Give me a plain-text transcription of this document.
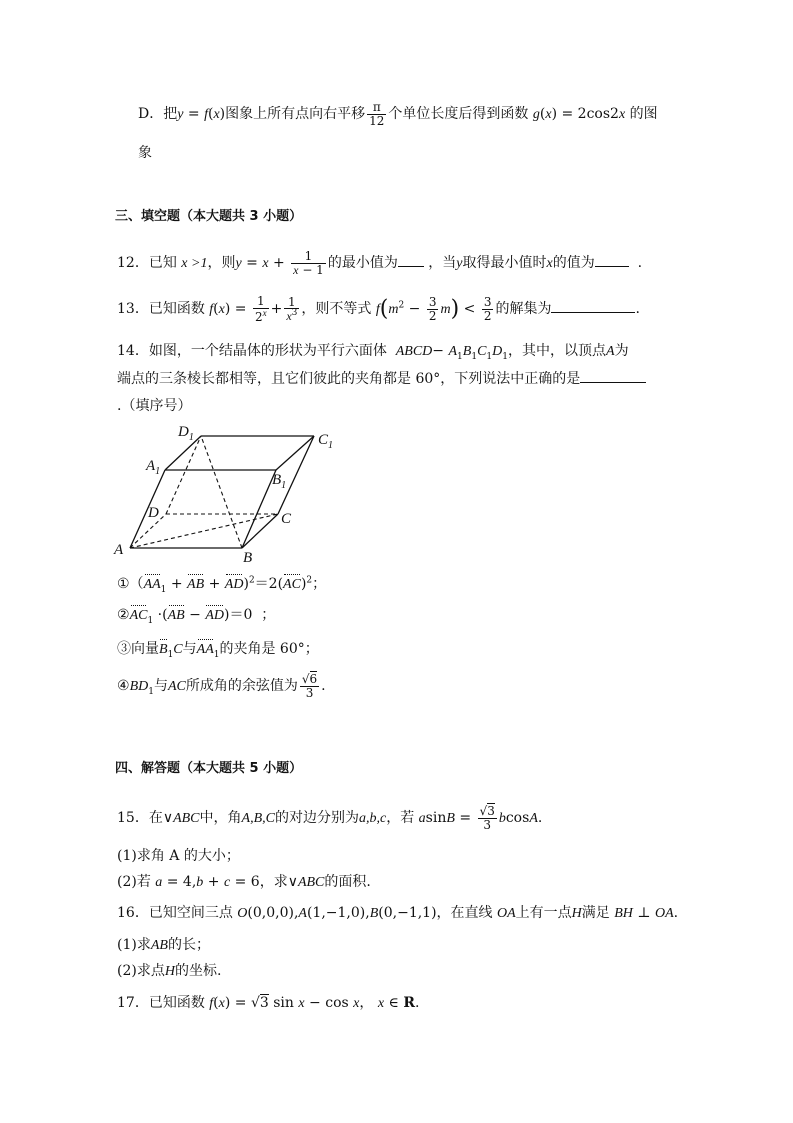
D．把y = f(x)图象上所有点向右平移 $\frac{\pi}{12}$ 个单位长度后得到函数 g(x) = 2cos2x 的图
象
三、填空题（本大题共 3 小题）
12．已知 x >1，则$y = x + \frac{1}{x - 1}$ 的最小值为 ，当y取得最小值时x的值为	.
13．已知函数 $f(x) = \frac{1}{2^x} + \frac{1}{x^3}$ ，则不等式 $f(m^2 - \frac{3}{2} m) < \frac{3}{2}$ 的解集为	.
14．如图，一个结晶体的形状为平行六面体 ABCD− $A_1B_1C_1D_1$，其中，以顶点A为
端点的三条棱长都相等，且它们彼此的夹角都是 60°，下列说法中正确的是
.（填序号）
$D_1$	$C_1$
$A_1$
$B_1$
D	C
A	B
$①(AA_1$ + AB + AD)$^2$＝2(AC)$^2$；
$②AC_1 \cdot(AB - AD)=0$  ；
③向量$B_1C$与$AA_1$的夹角是 60°；
$④BD_1$与AC所成角的余弦值为 $\frac{√6}{3}$ .
四、解答题（本大题共 5 小题）
15．在∨ABC中，角A,B,C的对边分别为a,b,c，若 $asinB = \frac{√3}{3} bcosA$.
(1)求角 A 的大小；
(2)若 a = 4,b + c = 6，求∨ABC的面积.
16．已知空间三点 O(0,0,0),A(1,−1,0),B(0,−1,1)，在直线 OA上有一点H满足 BH ⊥ OA.
(1)求AB的长；
(2)求点H的坐标.
17．已知函数 f(x) = √3 sin x − cos x， x ∈ R.
